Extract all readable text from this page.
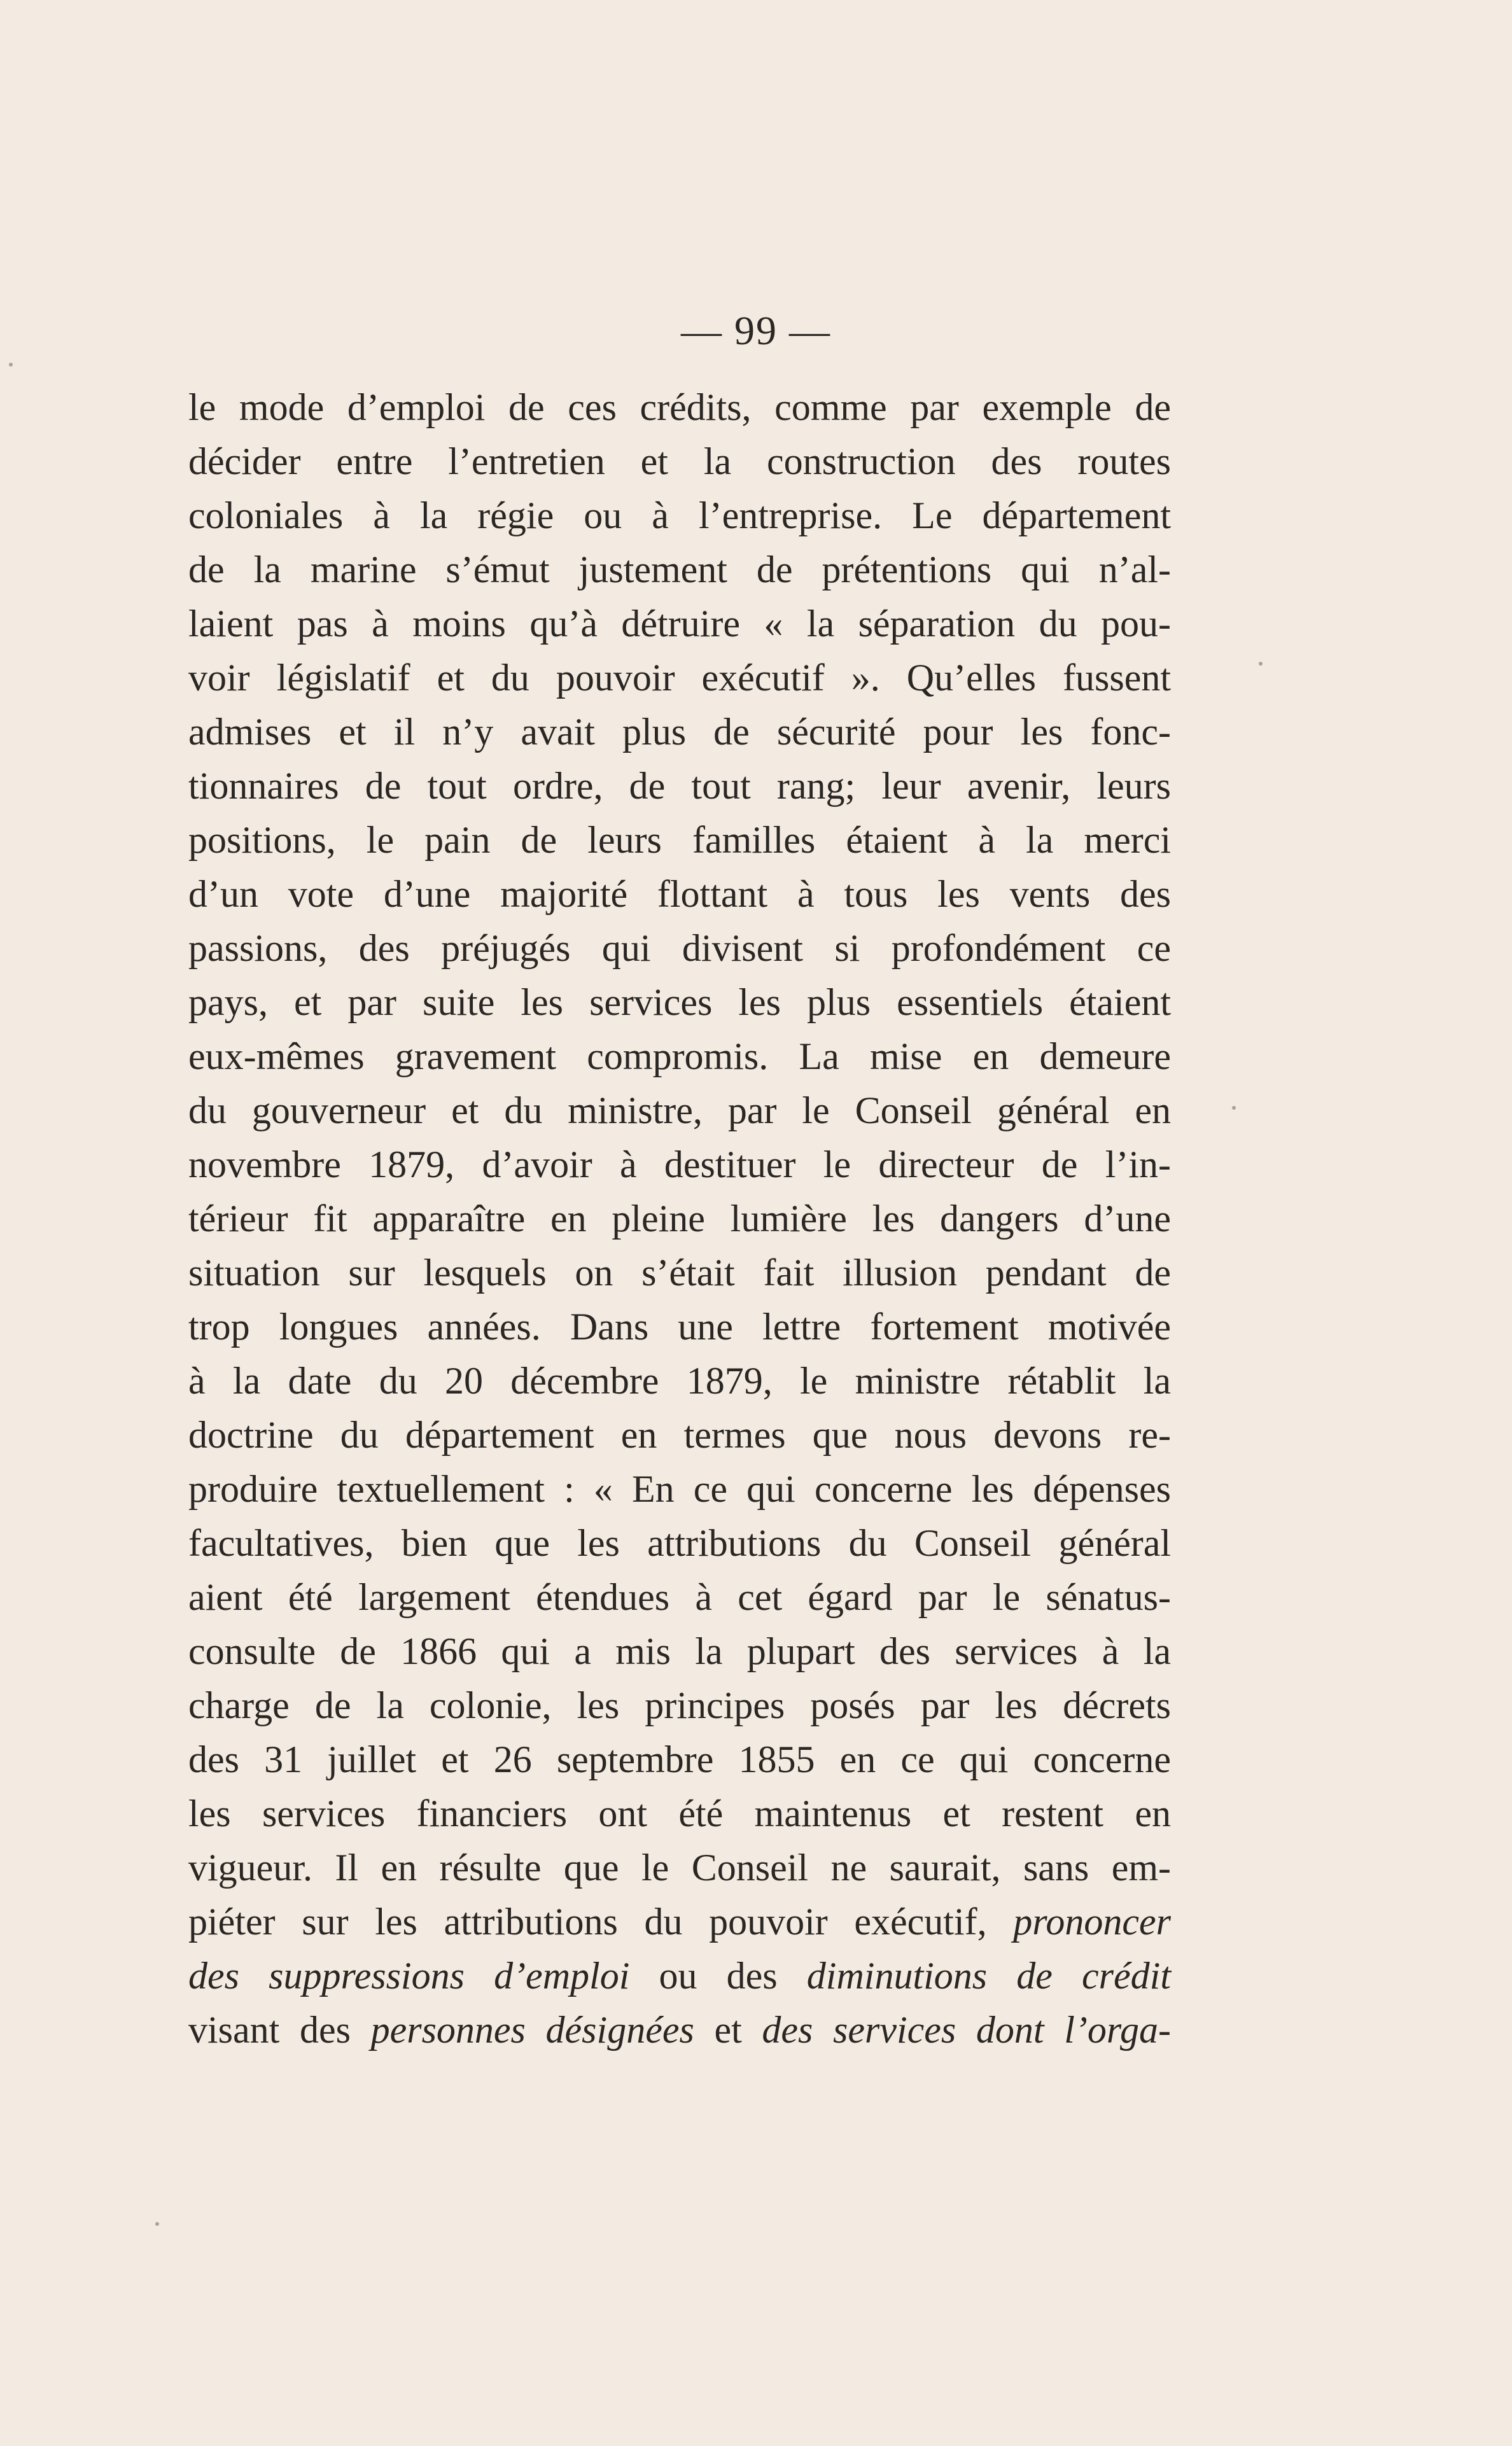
— 99 —
le mode d’emploi de ces crédits, comme par exemple de
décider entre l’entretien et la construction des routes
coloniales à la régie ou à l’entreprise. Le département
de la marine s’émut justement de prétentions qui n’al-
laient pas à moins qu’à détruire « la séparation du pou-
voir législatif et du pouvoir exécutif ». Qu’elles fussent
admises et il n’y avait plus de sécurité pour les fonc-
tionnaires de tout ordre, de tout rang; leur avenir, leurs
positions, le pain de leurs familles étaient à la merci
d’un vote d’une majorité flottant à tous les vents des
passions, des préjugés qui divisent si profondément ce
pays, et par suite les services les plus essentiels étaient
eux-mêmes gravement compromis. La mise en demeure
du gouverneur et du ministre, par le Conseil général en
novembre 1879, d’avoir à destituer le directeur de l’in-
térieur fit apparaître en pleine lumière les dangers d’une
situation sur lesquels on s’était fait illusion pendant de
trop longues années. Dans une lettre fortement motivée
à la date du 20 décembre 1879, le ministre rétablit la
doctrine du département en termes que nous devons re-
produire textuellement : « En ce qui concerne les dépenses
facultatives, bien que les attributions du Conseil général
aient été largement étendues à cet égard par le sénatus-
consulte de 1866 qui a mis la plupart des services à la
charge de la colonie, les principes posés par les décrets
des 31 juillet et 26 septembre 1855 en ce qui concerne
les services financiers ont été maintenus et restent en
vigueur. Il en résulte que le Conseil ne saurait, sans em-
piéter sur les attributions du pouvoir exécutif, prononcer
des suppressions d’emploi ou des diminutions de crédit
visant des personnes désignées et des services dont l’orga-
